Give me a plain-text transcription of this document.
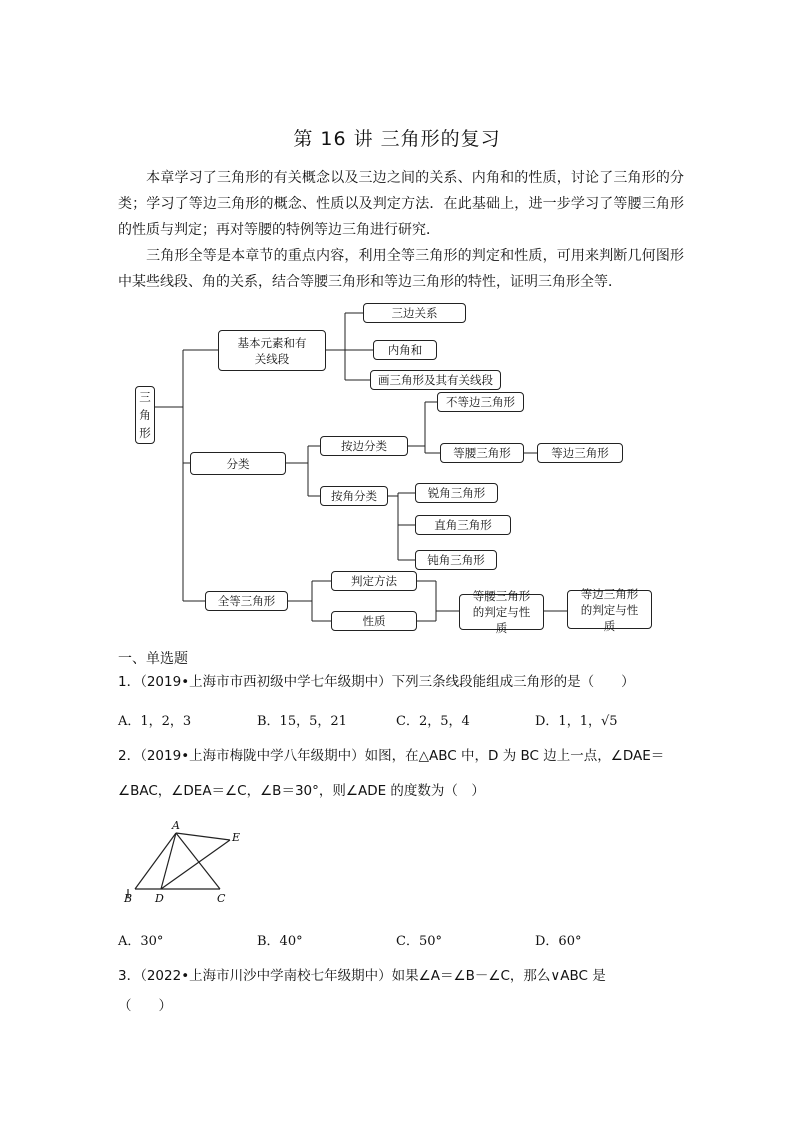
第 16 讲 三角形的复习

本章学习了三角形的有关概念以及三边之间的关系、内角和的性质，讨论了三角形的分类；学习了等边三角形的概念、性质以及判定方法．在此基础上，进一步学习了等腰三角形的性质与判定；再对等腰的特例等边三角进行研究．

三角形全等是本章节的重点内容，利用全等三角形的判定和性质，可用来判断几何图形中某些线段、角的关系，结合等腰三角形和等边三角形的特性，证明三角形全等．

三
角
形
基本元素和有关线段
三边关系
内角和
画三角形及其有关线段
分类
按边分类
不等边三角形
等腰三角形	等边三角形
按角分类	锐角三角形
直角三角形
钝角三角形
全等三角形
判定方法
性质
等腰三角形的判定与性质
等边三角形的判定与性质
一、单选题
1．（2019•上海市市西初级中学七年级期中）下列三条线段能组成三角形的是（　　）
A．1，2，3	B．15，5，21	C．2，5，4	D．1，1，√5
2．（2019•上海市梅陇中学八年级期中）如图，在△ABC 中，D 为 BC 边上一点，∠DAE＝
∠BAC，∠DEA＝∠C，∠B＝30°，则∠ADE 的度数为（　）
A
E
B D	C
A．30°	B．40°	C．50°	D．60°
3．（2022•上海市川沙中学南校七年级期中）如果∠A＝∠B－∠C，那么∨ABC 是
（　　）
